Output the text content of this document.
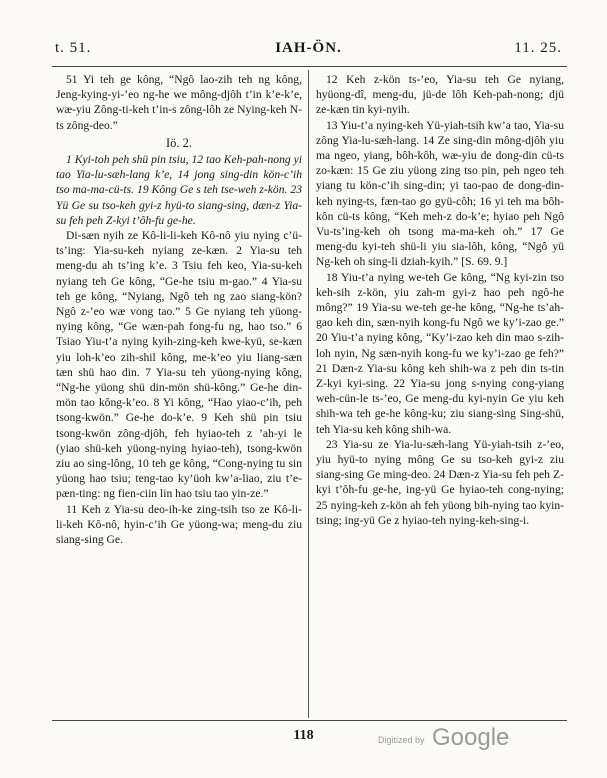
t. 51.	IAH-ÖN.	11. 25.

51 Yi teh ge kông, “Ngô lao-zih teh ng kông, Jeng-kying-yi-’eo ng-he we mông-djôh t’in k’e-k’e, wæ-yiu Zông-ti-keh t’in-s zông-lôh ze Nying-keh N-ts zông-deo.”

Iö. 2.

1 Kyi-toh peh shü pin tsiu, 12 tao Keh-pah-nong yi tao Yia-lu-sæh-lang k’e, 14 jong sing-din kön-c’ih tso ma-ma-cü-ts. 19 Kông Ge s teh tse-weh z-kön. 23 Yü Ge su tso-keh gyi-z hyü-to siang-sing, dæn-z Yia-su feh peh Z-kyi t’ôh-fu ge-he.

Di-sæn nyih ze Kô-li-li-keh Kô-nô yiu nying c’ü-ts’ing: Yia-su-keh nyiang ze-kæn. 2 Yia-su teh meng-du ah ts’ing k’e. 3 Tsiu feh keo, Yia-su-keh nyiang teh Ge kông, “Ge-he tsiu m-gao.” 4 Yia-su teh ge kông, “Nyiang, Ngô teh ng zao siang-kön? Ngô z-’eo wæ vong tao.” 5 Ge nyiang teh yüong-nying kông, “Ge wæn-pah fong-fu ng, hao tso.” 6 Tsiao Yiu-t’a nying kyih-zing-keh kwe-kyü, se-kæn yiu loh-k’eo zih-shil kông, me-k’eo yiu liang-sæn tæn shü hao din. 7 Yia-su teh yüong-nying kông, “Ng-he yüong shü din-mön shü-kông.” Ge-he din-mön tao kông-k’eo. 8 Yi kông, “Hao yiao-c’ih, peh tsong-kwön.” Ge-he do-k’e. 9 Keh shü pin tsiu tsong-kwön zông-djôh, feh hyiao-teh z ’ah-yi le (yiao shü-keh yüong-nying hyiao-teh), tsong-kwön ziu ao sing-lông, 10 teh ge kông, “Cong-nying tu sin yüong hao tsiu; teng-tao ky’üoh kw’a-liao, ziu t’e-pæn-ting: ng fien-ciin lin hao tsiu tao yin-ze.”

11 Keh z Yia-su deo-ih-ke zing-tsih tso ze Kô-li-li-keh Kô-nô, hyin-c’ih Ge yüong-wa; meng-du ziu siang-sing Ge.

12 Keh z-kön ts-’eo, Yia-su teh Ge nyiang, hyüong-dî, meng-du, jü-de lôh Keh-pah-nong; djü ze-kæn tin kyi-nyih.

13 Yiu-t’a nying-keh Yü-yiah-tsih kw’a tao, Yia-su zông Yia-lu-sæh-lang. 14 Ze sing-din mông-djôh yiu ma ngeo, yiang, bôh-kôh, wæ-yiu de dong-din cü-ts zo-kæn: 15 Ge ziu yüong zing tso pin, peh ngeo teh yiang tu kön-c’ih sing-din; yi tao-pao de dong-din-keh nying-ts, fæn-tao go gyü-côh; 16 yi teh ma bôh-kôn cü-ts kông, “Keh meh-z do-k’e; hyiao peh Ngô Vu-ts’ing-keh oh tsong ma-ma-keh oh.” 17 Ge meng-du kyi-teh shü-li yiu sia-lôh, kông, “Ngô yü Ng-keh oh sing-li dziah-kyih.” [S. 69. 9.]

18 Yiu-t’a nying we-teh Ge kông, “Ng kyi-zin tso keh-sih z-kön, yiu zah-m gyi-z hao peh ngô-he mông?” 19 Yia-su we-teh ge-he kông, “Ng-he ts’ah-gao keh din, sæn-nyih kong-fu Ngô we ky’i-zao ge.” 20 Yiu-t’a nying kông, “Ky’i-zao keh din mao s-zih-loh nyin, Ng sæn-nyih kong-fu we ky’i-zao ge feh?” 21 Dæn-z Yia-su kông keh shih-wa z peh din ts-tin Z-kyi kyi-sing. 22 Yia-su jong s-nying cong-yiang weh-cün-le ts-’eo, Ge meng-du kyi-nyin Ge yiu keh shih-wa teh ge-he kông-ku; ziu siang-sing Sing-shü, teh Yia-su keh kông shih-wa.

23 Yia-su ze Yia-lu-sæh-lang Yü-yiah-tsih z-’eo, yiu hyü-to nying mông Ge su tso-keh gyi-z ziu siang-sing Ge ming-deo. 24 Dæn-z Yia-su feh peh Z-kyi t’ôh-fu ge-he, ing-yü Ge hyiao-teh cong-nying; 25 nying-keh z-kön ah feh yüong bih-nying tao kyin-tsing; ing-yü Ge z hyiao-teh nying-keh-sing-i.

118	Digitized by Google
